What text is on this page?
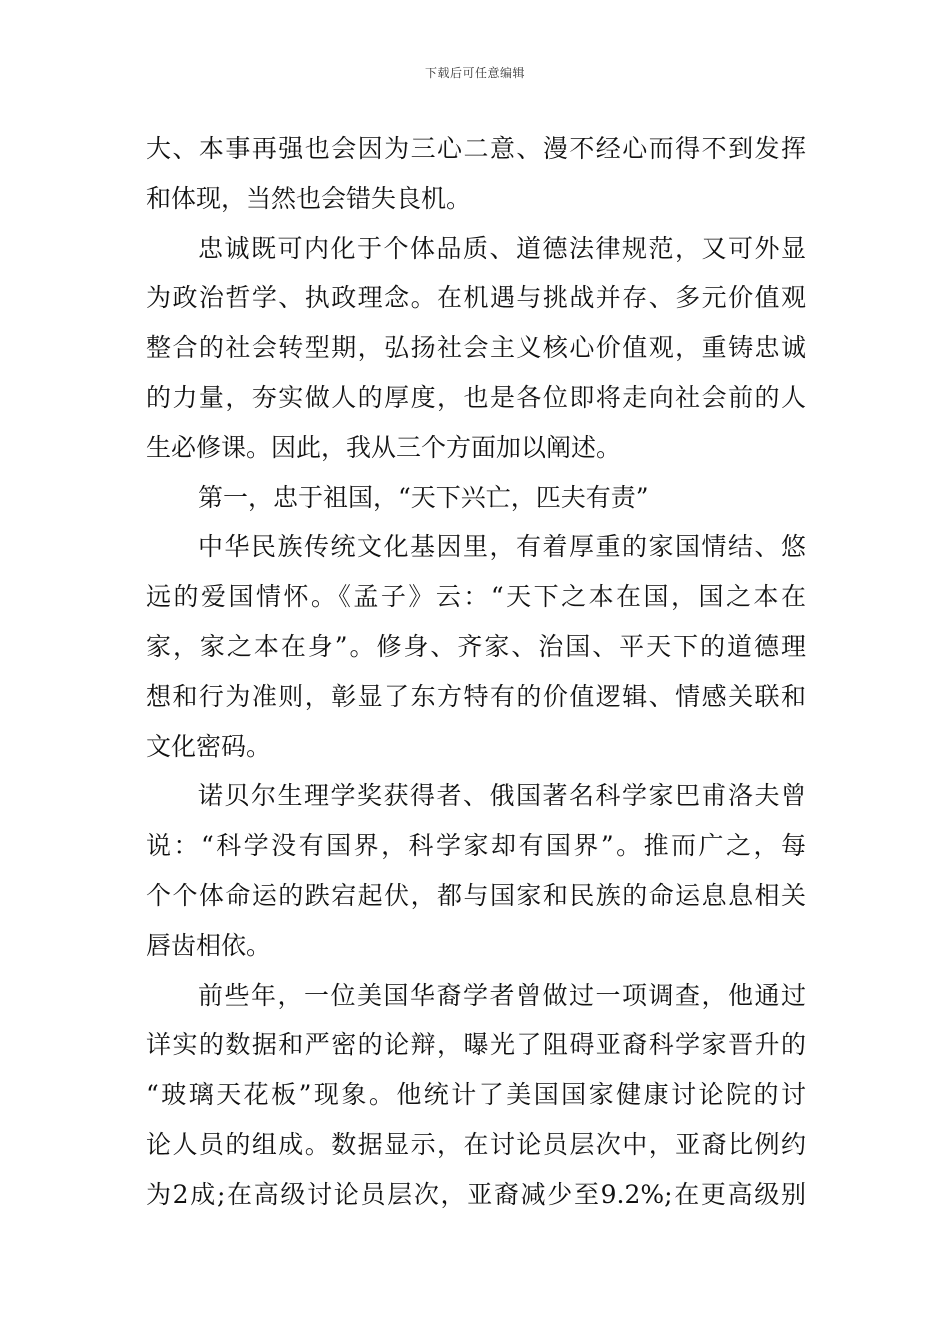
下载后可任意编辑
大、本事再强也会因为三心二意、漫不经心而得不到发挥
和体现，当然也会错失良机。
忠诚既可内化于个体品质、道德法律规范，又可外显
为政治哲学、执政理念。在机遇与挑战并存、多元价值观
整合的社会转型期，弘扬社会主义核心价值观，重铸忠诚
的力量，夯实做人的厚度，也是各位即将走向社会前的人
生必修课。因此，我从三个方面加以阐述。
第一，忠于祖国，“天下兴亡，匹夫有责”
中华民族传统文化基因里，有着厚重的家国情结、悠
远的爱国情怀。《孟子》云：“天下之本在国，国之本在
家，家之本在身”。修身、齐家、治国、平天下的道德理
想和行为准则，彰显了东方特有的价值逻辑、情感关联和
文化密码。
诺贝尔生理学奖获得者、俄国著名科学家巴甫洛夫曾
说：“科学没有国界，科学家却有国界”。推而广之，每
个个体命运的跌宕起伏，都与国家和民族的命运息息相关
唇齿相依。
前些年，一位美国华裔学者曾做过一项调查，他通过
详实的数据和严密的论辩，曝光了阻碍亚裔科学家晋升的
“玻璃天花板”现象。他统计了美国国家健康讨论院的讨
论人员的组成。数据显示，在讨论员层次中，亚裔比例约
为2成;在高级讨论员层次，亚裔减少至9.2%;在更高级别
